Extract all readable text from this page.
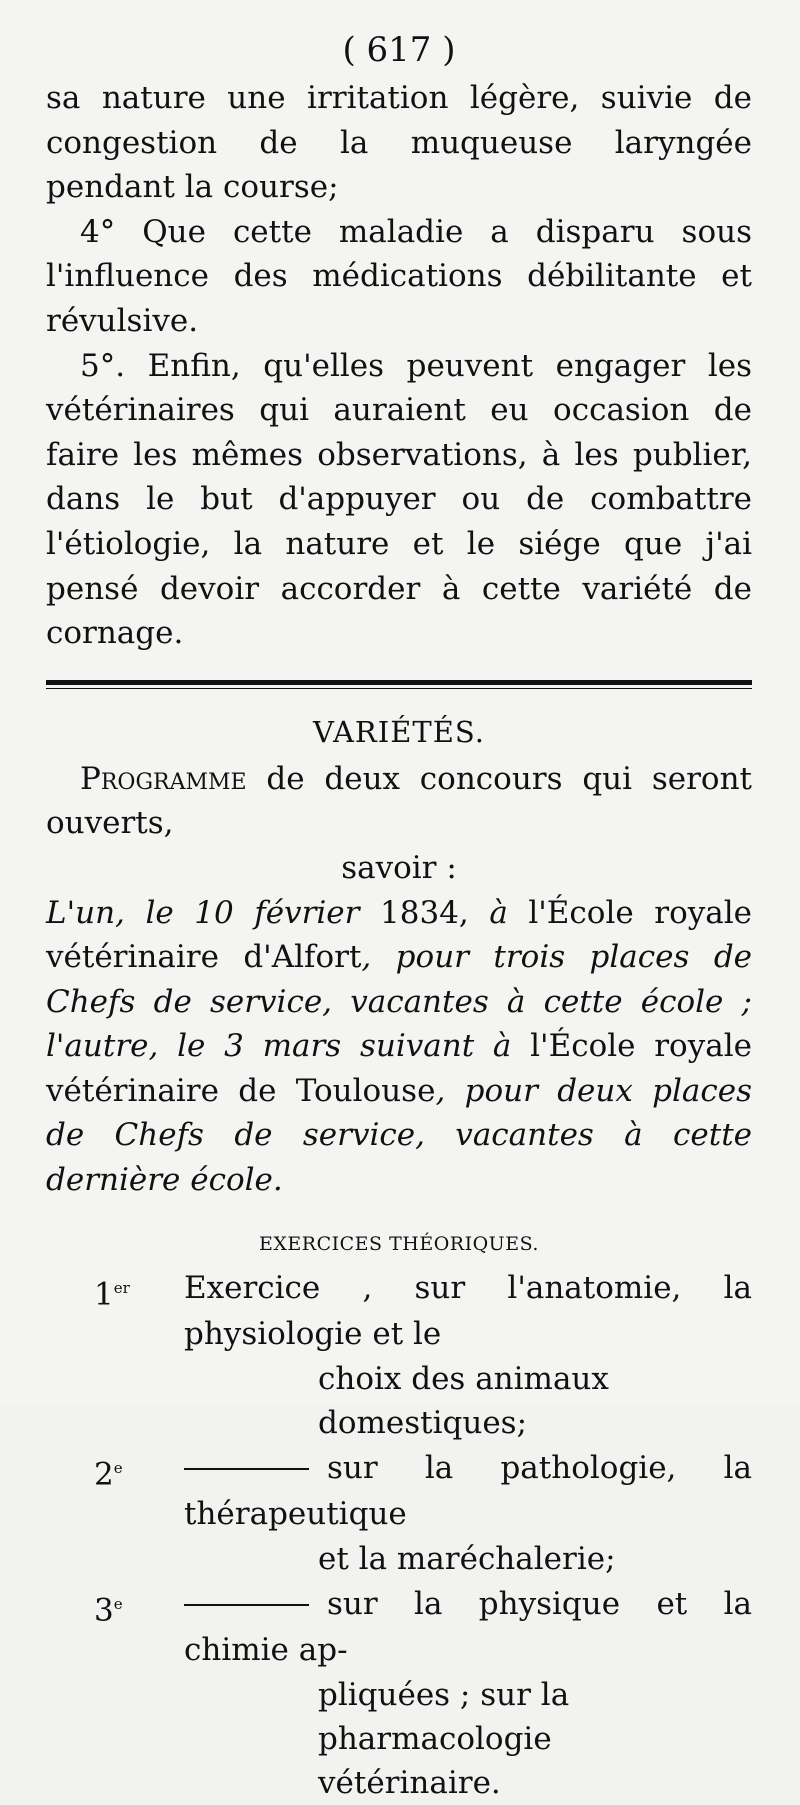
( 617 )

sa nature une irritation légère, suivie de congestion de la muqueuse laryngée pendant la course;

4° Que cette maladie a disparu sous l'influence des médications débilitante et révulsive.

5°. Enfin, qu'elles peuvent engager les vétérinaires qui auraient eu occasion de faire les mêmes observations, à les publier, dans le but d'appuyer ou de combattre l'étiologie, la nature et le siége que j'ai pensé devoir accorder à cette variété de cornage.

VARIÉTÉS.

Programme de deux concours qui seront ouverts,

savoir :

L'un, le 10 février 1834, à l'École royale vétérinaire d'Alfort, pour trois places de Chefs de service, vacantes à cette école ; l'autre, le 3 mars suivant à l'École royale vétérinaire de Toulouse, pour deux places de Chefs de service, vacantes à cette dernière école.

EXERCICES THÉORIQUES.
1er	Exercice , sur l'anatomie, la physiologie et le
choix des animaux domestiques;
2e	sur la pathologie, la thérapeutique
et la maréchalerie;
3e	sur la physique et la chimie ap-
pliquées ; sur la pharmacologie
vétérinaire.
